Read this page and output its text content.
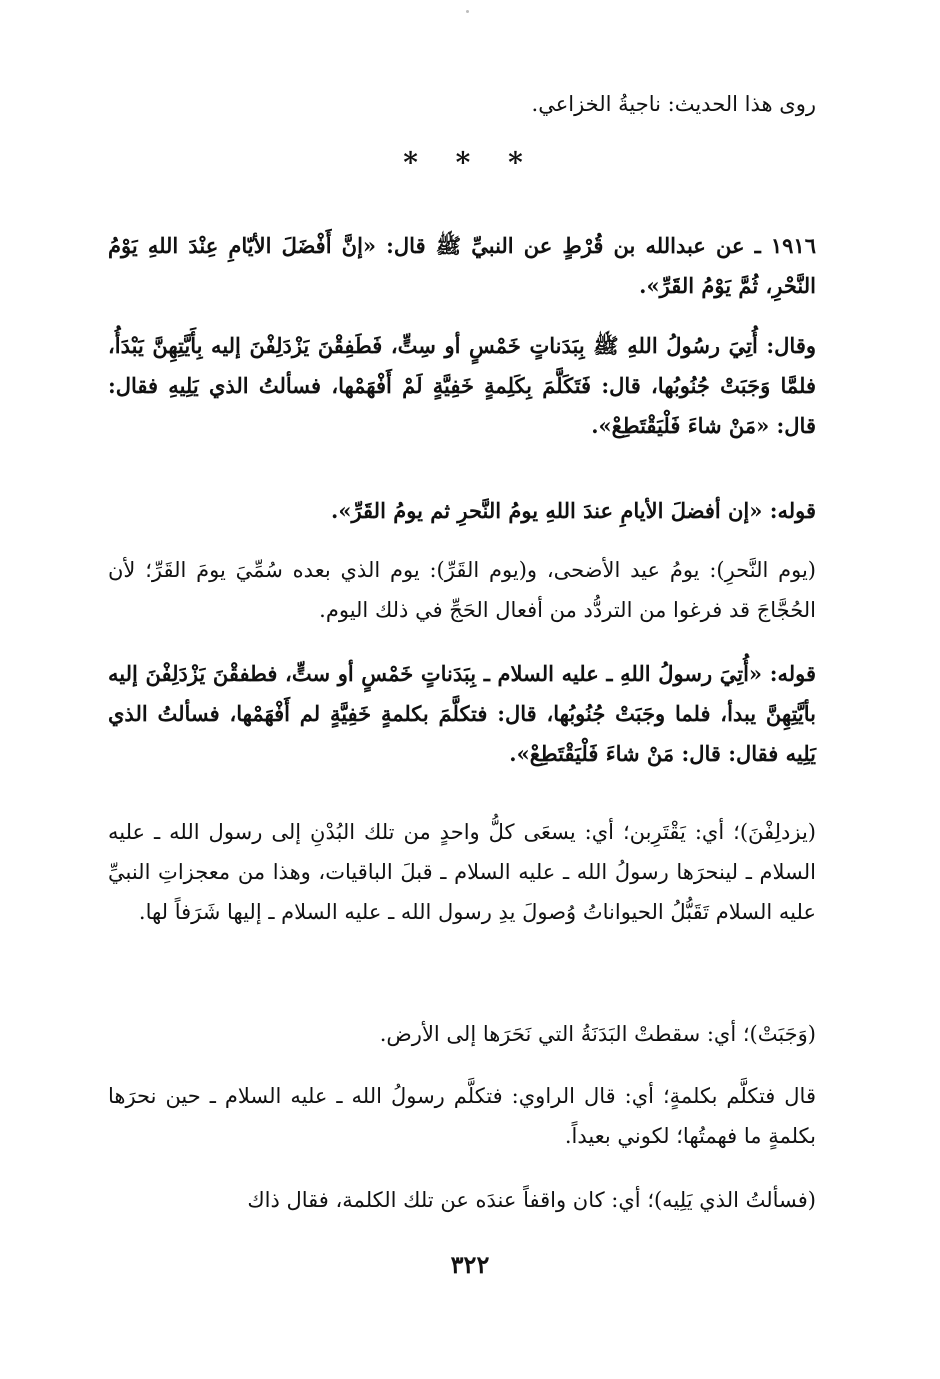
روى هذا الحديث: ناجيةُ الخزاعي.

* * *

١٩١٦ ـ عن عبدالله بن قُرْطٍ عن النبيِّ ﷺ قال: «إنَّ أَفْضَلَ الأيّامِ عِنْدَ اللهِ يَوْمُ النَّحْرِ، ثُمَّ يَوْمُ القَرِّ».

وقال: أُتِيَ رسُولُ اللهِ ﷺ بِبَدَناتٍ خَمْسٍ أو سِتٍّ، فَطَفِقْنَ يَزْدَلِفْنَ إليه بِأَيَّتِهِنَّ يَبْدَأُ، فلمَّا وَجَبَتْ جُنُوبُها، قال: فَتَكَلَّمَ بِكَلِمةٍ خَفِيَّةٍ لَمْ أَفْهَمْها، فسألتُ الذي يَلِيهِ فقال: قال: «مَنْ شاءَ فَلْيَقْتَطِعْ».

قوله: «إن أفضلَ الأيامِ عندَ اللهِ يومُ النَّحرِ ثم يومُ القَرِّ».

(يوم النَّحرِ): يومُ عيد الأضحى، و(يوم القَرِّ): يوم الذي بعده سُمِّيَ يومَ القَرِّ؛ لأن الحُجَّاجَ قد فرغوا من التردُّد من أفعال الحَجِّ في ذلك اليوم.

قوله: «أُتِيَ رسولُ اللهِ ـ عليه السلام ـ بِبَدَناتٍ خَمْسٍ أو ستٍّ، فطفقْنَ يَزْدَلِفْنَ إليه بأيَّتِهِنَّ يبدأ، فلما وجَبَتْ جُنُوبُها، قال: فتكلَّمَ بكلمةٍ خَفِيَّةٍ لم أَفْهَمْها، فسألتُ الذي يَلِيه فقال: قال: مَنْ شاءَ فَلْيَقْتَطِعْ».

(يزدلِفْنَ)؛ أي: يَقْتَرِبن؛ أي: يسعَى كلُّ واحدٍ من تلك البُدْنِ إلى رسول الله ـ عليه السلام ـ لينحرَها رسولُ الله ـ عليه السلام ـ قبلَ الباقيات، وهذا من معجزاتِ النبيِّ عليه السلام تَقَبُّلُ الحيواناتُ وُصولَ يدِ رسول الله ـ عليه السلام ـ إليها شَرَفاً لها.

(وَجَبَتْ)؛ أي: سقطتْ البَدَنَةُ التي نَحَرَها إلى الأرض.

قال فتكلَّم بكلمةٍ؛ أي: قال الراوي: فتكلَّم رسولُ الله ـ عليه السلام ـ حين نحرَها بكلمةٍ ما فهمتُها؛ لكوني بعيداً.

(فسألتُ الذي يَلِيه)؛ أي: كان واقفاً عندَه عن تلك الكلمة، فقال ذاك

٣٢٢
